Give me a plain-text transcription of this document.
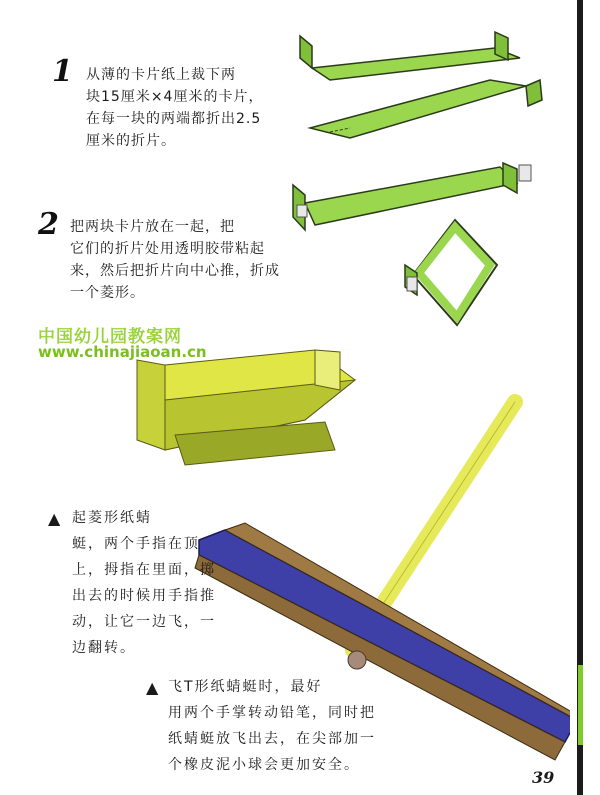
1 从薄的卡片纸上裁下两
块15厘米×4厘米的卡片，
在每一块的两端都折出2.5
厘米的折片。
2 把两块卡片放在一起，把
它们的折片处用透明胶带粘起
来，然后把折片向中心推，折成
一个菱形。
中国幼儿园教案网
www.chinajiaoan.cn
▲ 起菱形纸蜻
蜓，两个手指在顶
上，拇指在里面，掷
出去的时候用手指推
动，让它一边飞，一
边翻转。
▲ 飞T形纸蜻蜓时，最好
用两个手掌转动铅笔，同时把
纸蜻蜓放飞出去，在尖部加一
个橡皮泥小球会更加安全。
39
